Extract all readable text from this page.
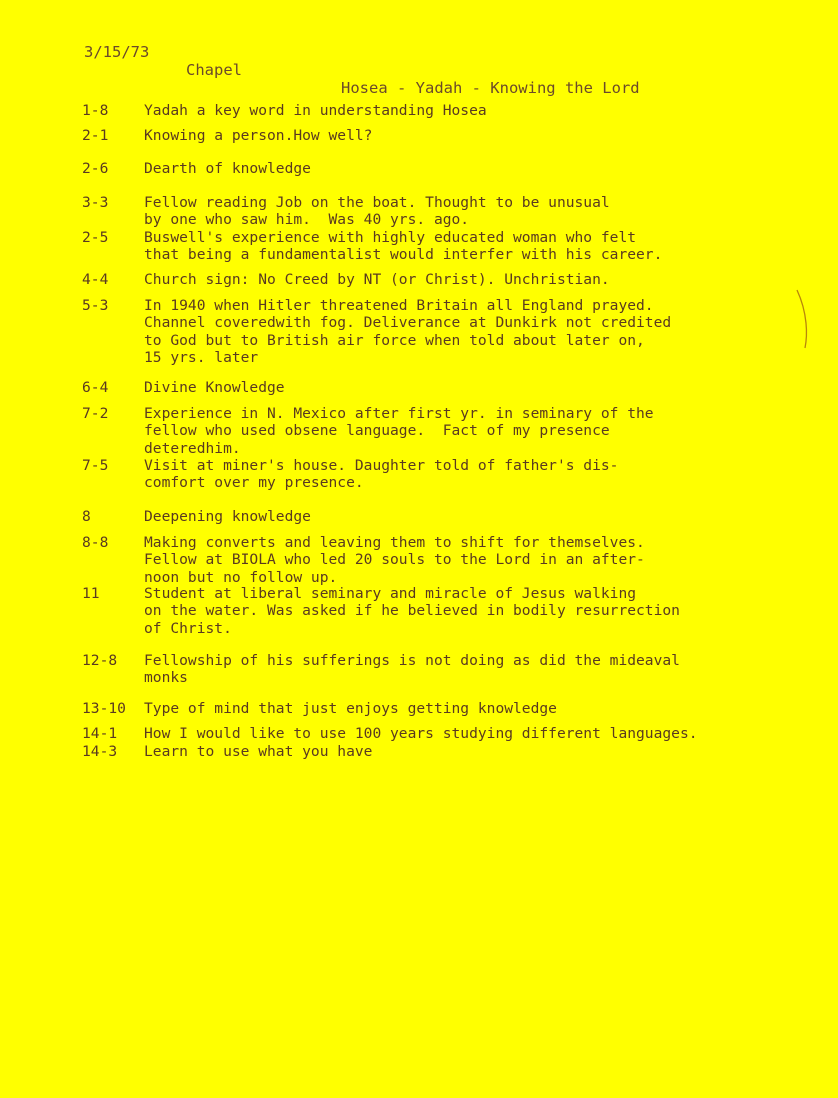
3/15/73

Chapel

Hosea - Yadah - Knowing the Lord

1-8	Yadah a key word in understanding Hosea
2-1	Knowing a person.How well?
2-6	Dearth of knowledge
3-3	Fellow reading Job on the boat. Thought to be unusual
by one who saw him.  Was 40 yrs. ago.
2-5	Buswell's experience with highly educated woman who felt
that being a fundamentalist would interfer with his career.
4-4	Church sign: No Creed by NT (or Christ). Unchristian.
5-3	In 1940 when Hitler threatened Britain all England prayed.
Channel coveredwith fog. Deliverance at Dunkirk not credited
to God but to British air force when told about later on,
15 yrs. later
6-4	Divine Knowledge
7-2	Experience in N. Mexico after first yr. in seminary of the
fellow who used obsene language.  Fact of my presence
deteredhim.
7-5	Visit at miner's house. Daughter told of father's dis-
comfort over my presence.
8	Deepening knowledge
8-8	Making converts and leaving them to shift for themselves.
Fellow at BIOLA who led 20 souls to the Lord in an after-
noon but no follow up.
11	Student at liberal seminary and miracle of Jesus walking
on the water. Was asked if he believed in bodily resurrection
of Christ.
12-8	Fellowship of his sufferings is not doing as did the mideaval
monks
13-10	Type of mind that just enjoys getting knowledge
14-1	How I would like to use 100 years studying different languages.
14-3	Learn to use what you have
